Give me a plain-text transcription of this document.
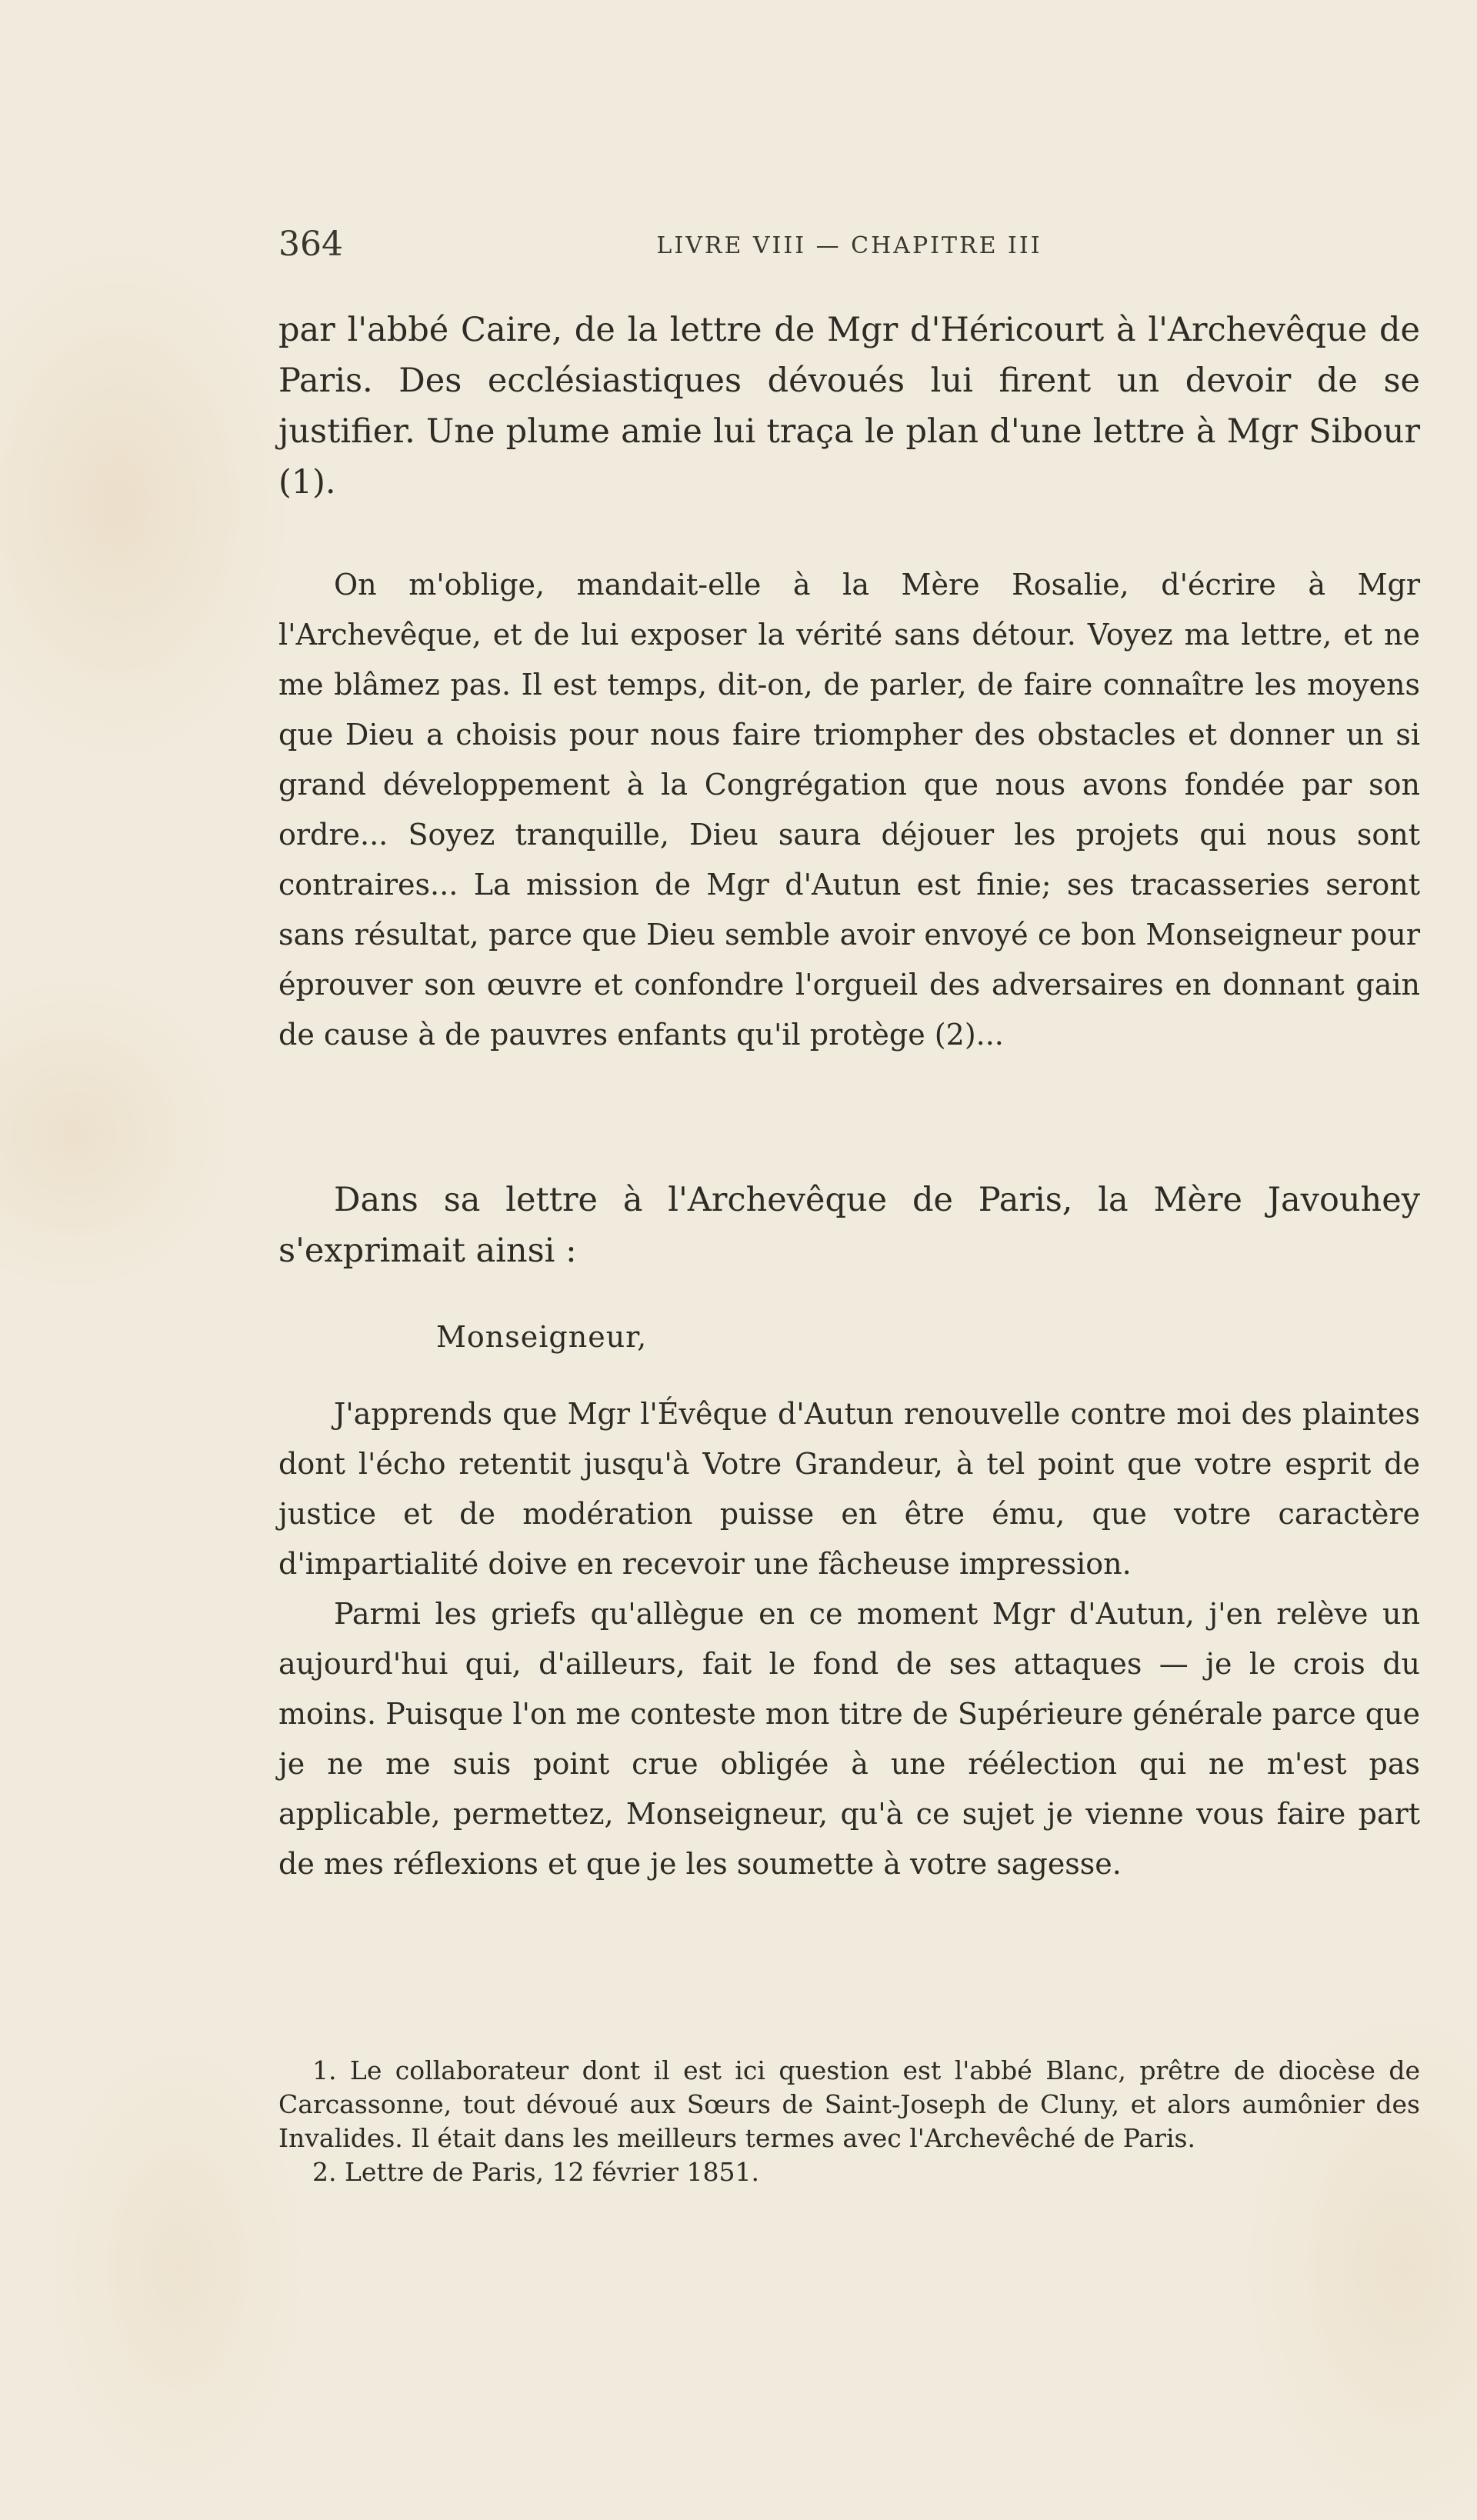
364	LIVRE VIII — CHAPITRE III

par l'abbé Caire, de la lettre de Mgr d'Héricourt à l'Archevêque de Paris. Des ecclésiastiques dévoués lui firent un devoir de se justifier. Une plume amie lui traça le plan d'une lettre à Mgr Sibour (1).

On m'oblige, mandait-elle à la Mère Rosalie, d'écrire à Mgr l'Archevêque, et de lui exposer la vérité sans détour. Voyez ma lettre, et ne me blâmez pas. Il est temps, dit-on, de parler, de faire connaître les moyens que Dieu a choisis pour nous faire triompher des obstacles et donner un si grand développement à la Congrégation que nous avons fondée par son ordre... Soyez tranquille, Dieu saura déjouer les projets qui nous sont contraires... La mission de Mgr d'Autun est finie; ses tracasseries seront sans résultat, parce que Dieu semble avoir envoyé ce bon Monseigneur pour éprouver son œuvre et confondre l'orgueil des adversaires en donnant gain de cause à de pauvres enfants qu'il protège (2)...

Dans sa lettre à l'Archevêque de Paris, la Mère Javouhey s'exprimait ainsi :

Monseigneur,

J'apprends que Mgr l'Évêque d'Autun renouvelle contre moi des plaintes dont l'écho retentit jusqu'à Votre Grandeur, à tel point que votre esprit de justice et de modération puisse en être ému, que votre caractère d'impartialité doive en recevoir une fâcheuse impression.

Parmi les griefs qu'allègue en ce moment Mgr d'Autun, j'en relève un aujourd'hui qui, d'ailleurs, fait le fond de ses attaques — je le crois du moins. Puisque l'on me conteste mon titre de Supérieure générale parce que je ne me suis point crue obligée à une réélection qui ne m'est pas applicable, permettez, Monseigneur, qu'à ce sujet je vienne vous faire part de mes réflexions et que je les soumette à votre sagesse.

1. Le collaborateur dont il est ici question est l'abbé Blanc, prêtre de diocèse de Carcassonne, tout dévoué aux Sœurs de Saint-Joseph de Cluny, et alors aumônier des Invalides. Il était dans les meilleurs termes avec l'Archevêché de Paris.

2. Lettre de Paris, 12 février 1851.
